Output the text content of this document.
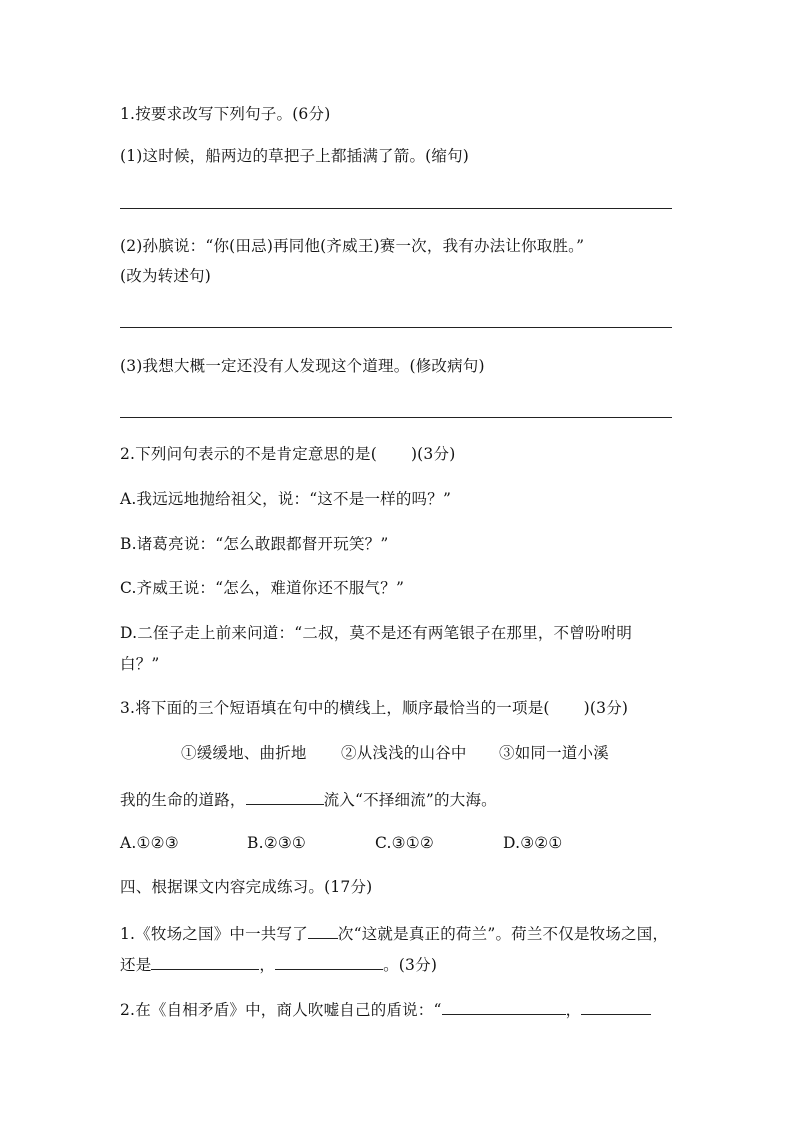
1.按要求改写下列句子。(6分)
(1)这时候，船两边的草把子上都插满了箭。(缩句)
(2)孙膑说：“你(田忌)再同他(齐威王)赛一次，我有办法让你取胜。”
(改为转述句)
(3)我想大概一定还没有人发现这个道理。(修改病句)
2.下列问句表示的不是肯定意思的是( )(3分)
A.我远远地抛给祖父，说：“这不是一样的吗？”
B.诸葛亮说：“怎么敢跟都督开玩笑？”
C.齐威王说：“怎么，难道你还不服气？”
D.二侄子走上前来问道：“二叔，莫不是还有两笔银子在那里，不曾吩咐明
白？”
3.将下面的三个短语填在句中的横线上，顺序最恰当的一项是( )(3分)
①缓缓地、曲折地 ②从浅浅的山谷中 ③如同一道小溪
我的生命的道路，	流入“不择细流”的大海。
A.①②③	B.②③①	C.③①②	D.③②①
四、根据课文内容完成练习。(17分)
1.《牧场之国》中一共写了 次“这就是真正的荷兰”。荷兰不仅是牧场之国，
还是	，	。(3分)
2.在《自相矛盾》中，商人吹嘘自己的盾说：“	，
